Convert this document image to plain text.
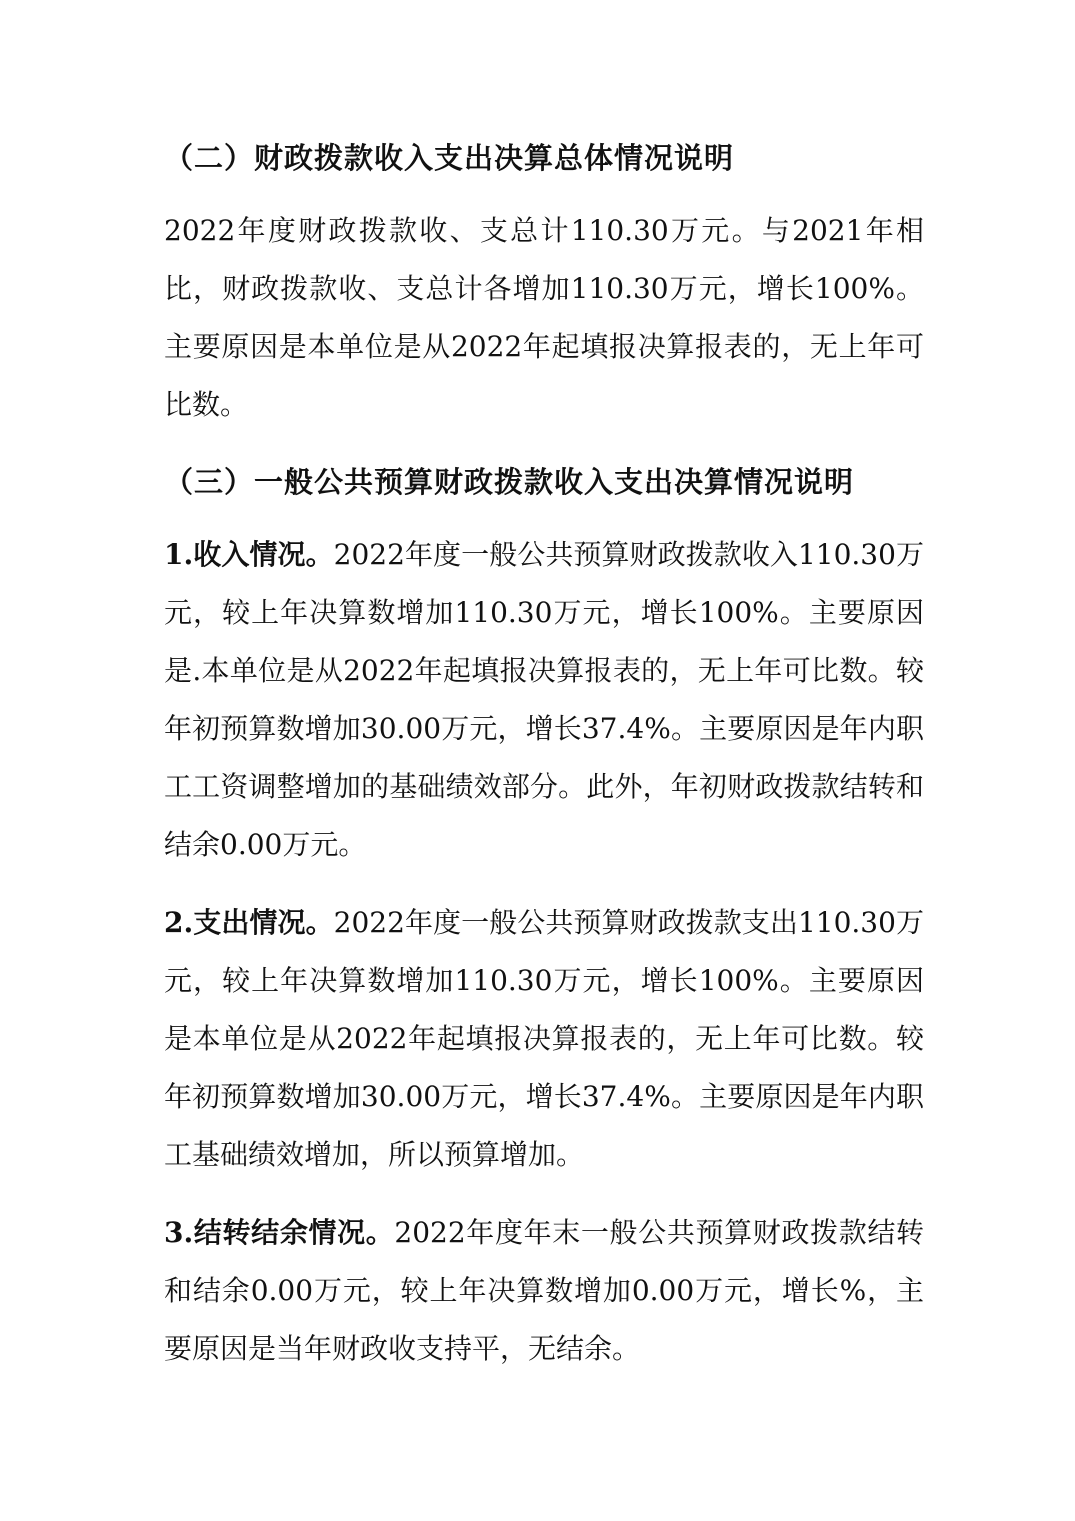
（二）财政拨款收入支出决算总体情况说明

2022年度财政拨款收、支总计110.30万元。与2021年相比，财政拨款收、支总计各增加110.30万元，增长100%。主要原因是本单位是从2022年起填报决算报表的，无上年可比数。

（三）一般公共预算财政拨款收入支出决算情况说明

1.收入情况。2022年度一般公共预算财政拨款收入110.30万元，较上年决算数增加110.30万元，增长100%。主要原因是.本单位是从2022年起填报决算报表的，无上年可比数。较年初预算数增加30.00万元，增长37.4%。主要原因是年内职工工资调整增加的基础绩效部分。此外，年初财政拨款结转和结余0.00万元。

2.支出情况。2022年度一般公共预算财政拨款支出110.30万元，较上年决算数增加110.30万元，增长100%。主要原因是本单位是从2022年起填报决算报表的，无上年可比数。较年初预算数增加30.00万元，增长37.4%。主要原因是年内职工基础绩效增加，所以预算增加。

3.结转结余情况。2022年度年末一般公共预算财政拨款结转和结余0.00万元，较上年决算数增加0.00万元，增长%，主要原因是当年财政收支持平，无结余。
